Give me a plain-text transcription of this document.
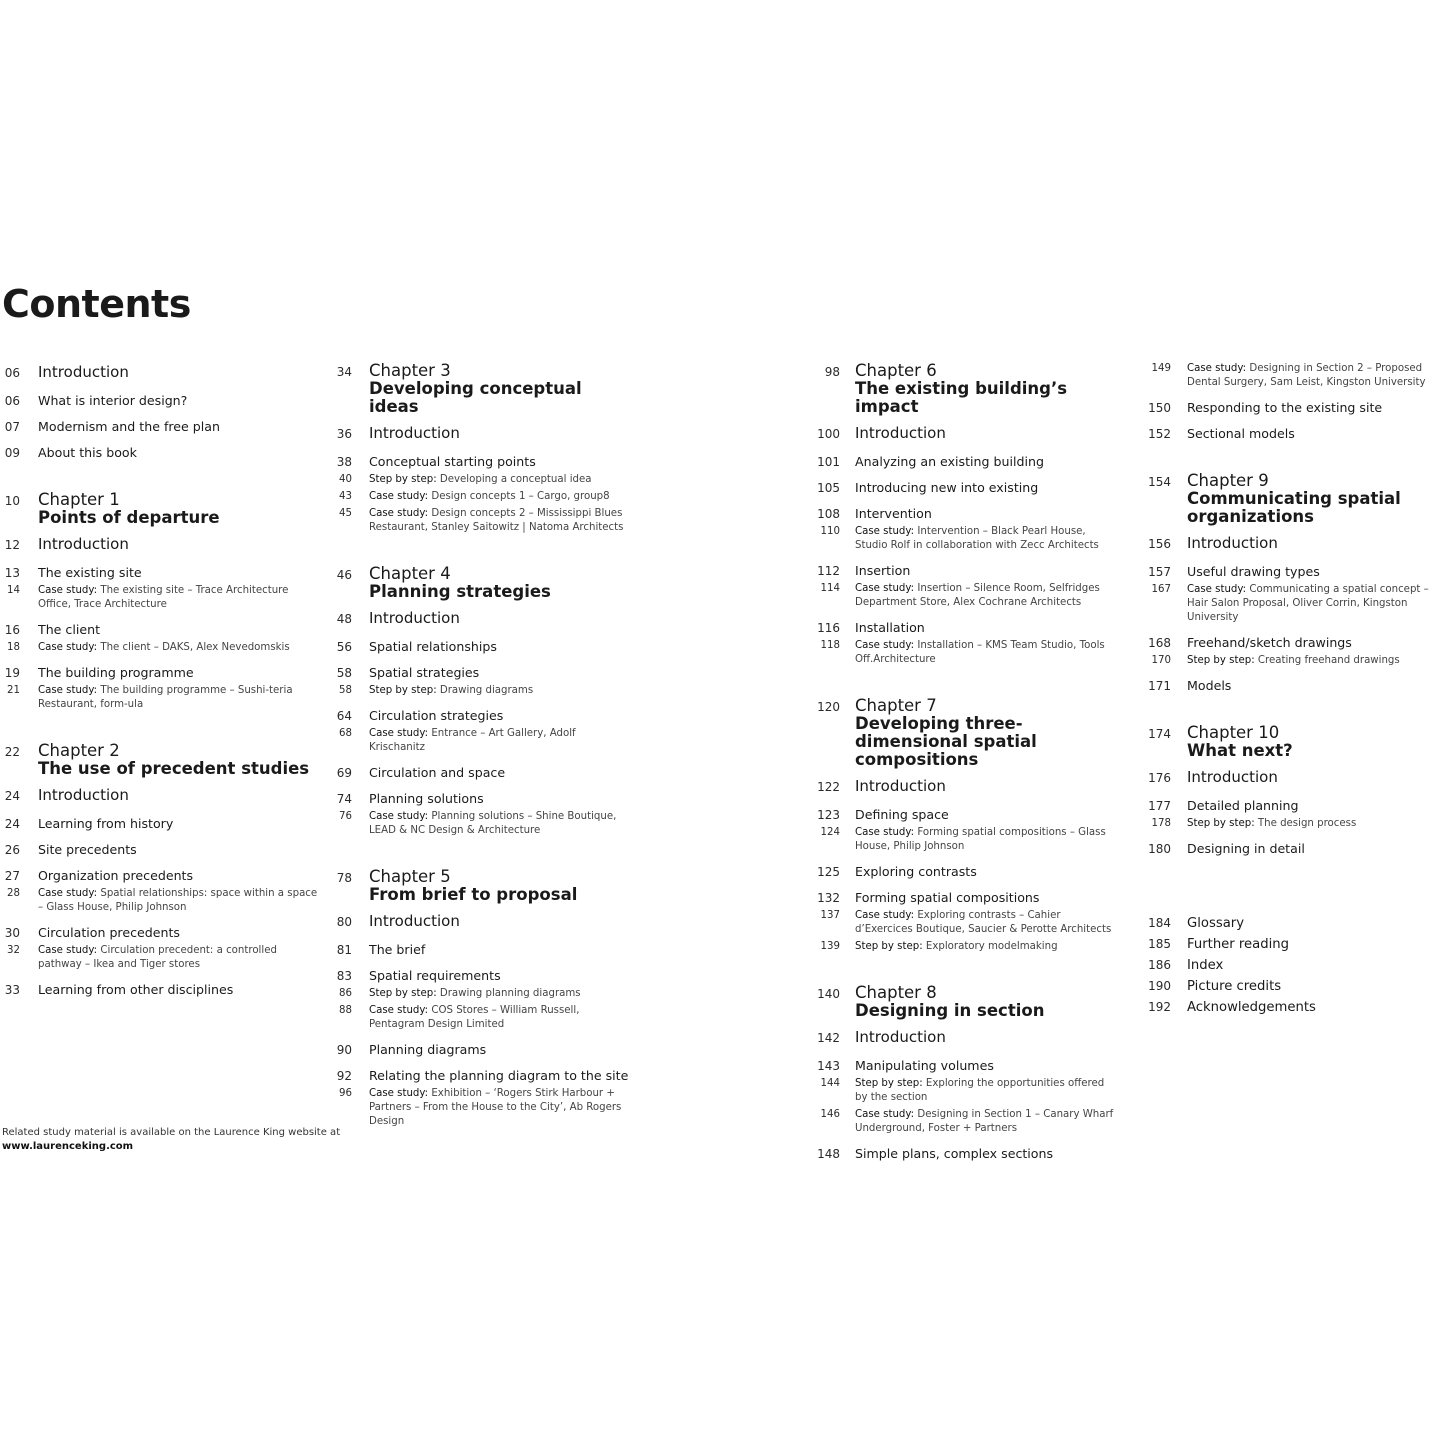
Contents
06 Introduction
06 What is interior design?
07 Modernism and the free plan
09 About this book
10 Chapter 1
Points of departure
12 Introduction
13 The existing site
14 Case study: The existing site – Trace Architecture Office, Trace Architecture
16 The client
18 Case study: The client – DAKS, Alex Nevedomskis
19 The building programme
21 Case study: The building programme – Sushi-teria Restaurant, form-ula
22 Chapter 2
The use of precedent studies
24 Introduction
24 Learning from history
26 Site precedents
27 Organization precedents
28 Case study: Spatial relationships: space within a space – Glass House, Philip Johnson
30 Circulation precedents
32 Case study: Circulation precedent: a controlled pathway – Ikea and Tiger stores
33 Learning from other disciplines
34 Chapter 3
Developing conceptual ideas
36 Introduction
38 Conceptual starting points
40 Step by step: Developing a conceptual idea
43 Case study: Design concepts 1 – Cargo, group8
45 Case study: Design concepts 2 – Mississippi Blues Restaurant, Stanley Saitowitz | Natoma Architects
46 Chapter 4
Planning strategies
48 Introduction
56 Spatial relationships
58 Spatial strategies
58 Step by step: Drawing diagrams
64 Circulation strategies
68 Case study: Entrance – Art Gallery, Adolf Krischanitz
69 Circulation and space
74 Planning solutions
76 Case study: Planning solutions – Shine Boutique, LEAD & NC Design & Architecture
78 Chapter 5
From brief to proposal
80 Introduction
81 The brief
83 Spatial requirements
86 Step by step: Drawing planning diagrams
88 Case study: COS Stores – William Russell, Pentagram Design Limited
90 Planning diagrams
92 Relating the planning diagram to the site
96 Case study: Exhibition – ‘Rogers Stirk Harbour + Partners – From the House to the City’, Ab Rogers Design
98 Chapter 6
The existing building’s impact
100 Introduction
101 Analyzing an existing building
105 Introducing new into existing
108 Intervention
110 Case study: Intervention – Black Pearl House, Studio Rolf in collaboration with Zecc Architects
112 Insertion
114 Case study: Insertion – Silence Room, Selfridges Department Store, Alex Cochrane Architects
116 Installation
118 Case study: Installation – KMS Team Studio, Tools Off.Architecture
120 Chapter 7
Developing three-dimensional spatial compositions
122 Introduction
123 Defining space
124 Case study: Forming spatial compositions – Glass House, Philip Johnson
125 Exploring contrasts
132 Forming spatial compositions
137 Case study: Exploring contrasts – Cahier d’Exercices Boutique, Saucier & Perotte Architects
139 Step by step: Exploratory modelmaking
140 Chapter 8
Designing in section
142 Introduction
143 Manipulating volumes
144 Step by step: Exploring the opportunities offered by the section
146 Case study: Designing in Section 1 – Canary Wharf Underground, Foster + Partners
148 Simple plans, complex sections
149 Case study: Designing in Section 2 – Proposed Dental Surgery, Sam Leist, Kingston University
150 Responding to the existing site
152 Sectional models
154 Chapter 9
Communicating spatial organizations
156 Introduction
157 Useful drawing types
167 Case study: Communicating a spatial concept – Hair Salon Proposal, Oliver Corrin, Kingston University
168 Freehand/sketch drawings
170 Step by step: Creating freehand drawings
171 Models
174 Chapter 10
What next?
176 Introduction
177 Detailed planning
178 Step by step: The design process
180 Designing in detail
184 Glossary
185 Further reading
186 Index
190 Picture credits
192 Acknowledgements
Related study material is available on the Laurence King website at
www.laurenceking.com
